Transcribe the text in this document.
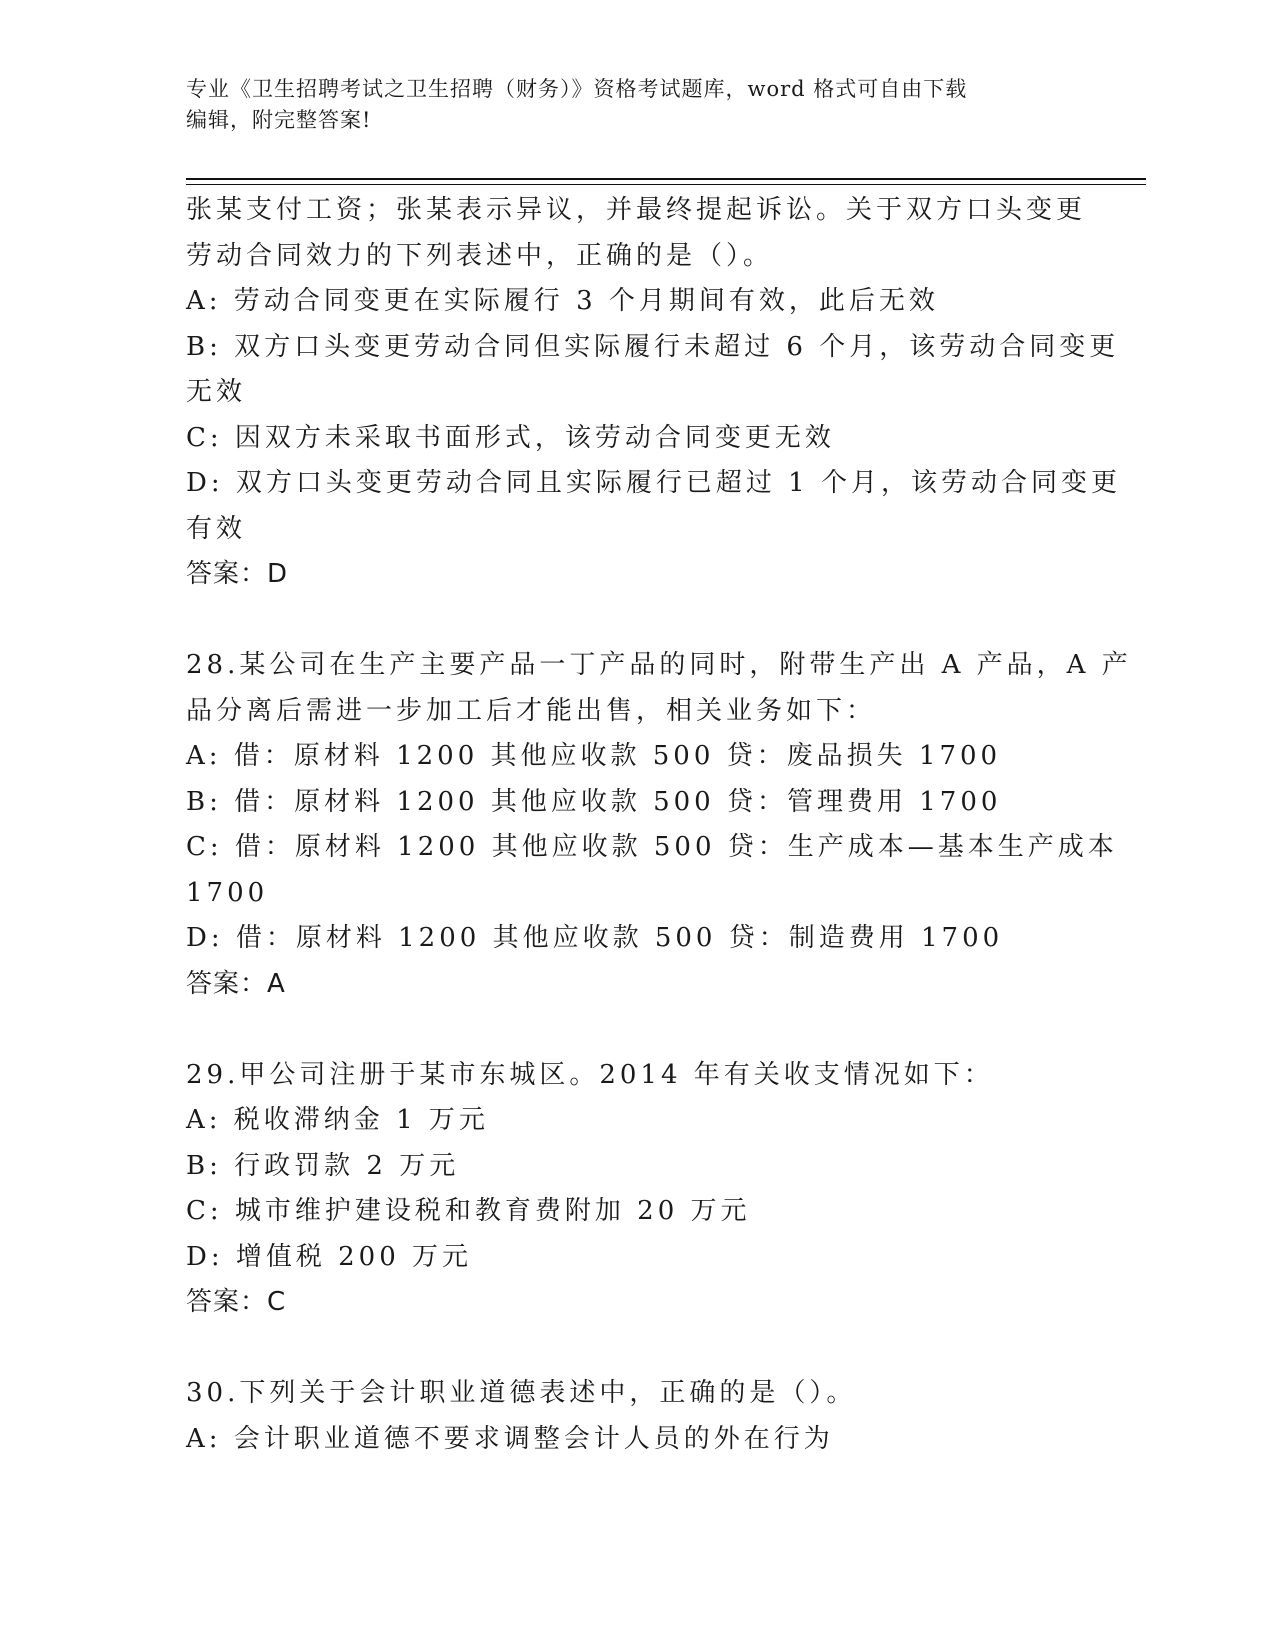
专业《卫生招聘考试之卫生招聘（财务）》资格考试题库，word 格式可自由下载
编辑，附完整答案!
张某支付工资；张某表示异议，并最终提起诉讼。关于双方口头变更
劳动合同效力的下列表述中，正确的是（）。
A: 劳动合同变更在实际履行 3 个月期间有效，此后无效
B: 双方口头变更劳动合同但实际履行未超过 6 个月，该劳动合同变更
无效
C: 因双方未采取书面形式，该劳动合同变更无效
D: 双方口头变更劳动合同且实际履行已超过 1 个月，该劳动合同变更
有效
答案：D
28.某公司在生产主要产品一丁产品的同时，附带生产出 A 产品，A 产
品分离后需进一步加工后才能出售，相关业务如下：
A: 借：原材料 1200 其他应收款 500 贷：废品损失 1700
B: 借：原材料 1200 其他应收款 500 贷：管理费用 1700
C: 借：原材料 1200 其他应收款 500 贷：生产成本—基本生产成本
1700
D: 借：原材料 1200 其他应收款 500 贷：制造费用 1700
答案：A
29.甲公司注册于某市东城区。2014 年有关收支情况如下：
A: 税收滞纳金 1 万元
B: 行政罚款 2 万元
C: 城市维护建设税和教育费附加 20 万元
D: 增值税 200 万元
答案：C
30.下列关于会计职业道德表述中，正确的是（）。
A: 会计职业道德不要求调整会计人员的外在行为
